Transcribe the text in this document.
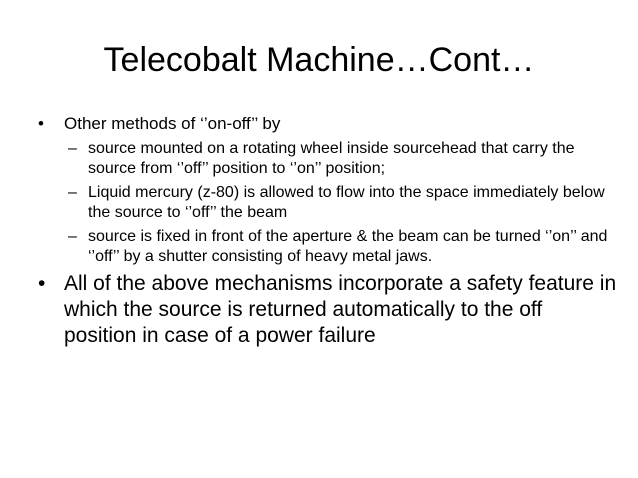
Telecobalt Machine…Cont…
•	Other methods of ‘’on-off’’ by
– source mounted on a rotating wheel inside sourcehead that carry the source from ‘’off’’ position to ‘’on’’ position;
– Liquid mercury (z-80) is allowed to flow into the space immediately below the source to ‘’off’’ the beam
– source is fixed in front of the aperture & the beam can be turned ‘’on’’ and ‘’off’’ by a shutter consisting of heavy metal jaws.
• All of the above mechanisms incorporate a safety feature in which the source is returned automatically to the off position in case of a power failure
